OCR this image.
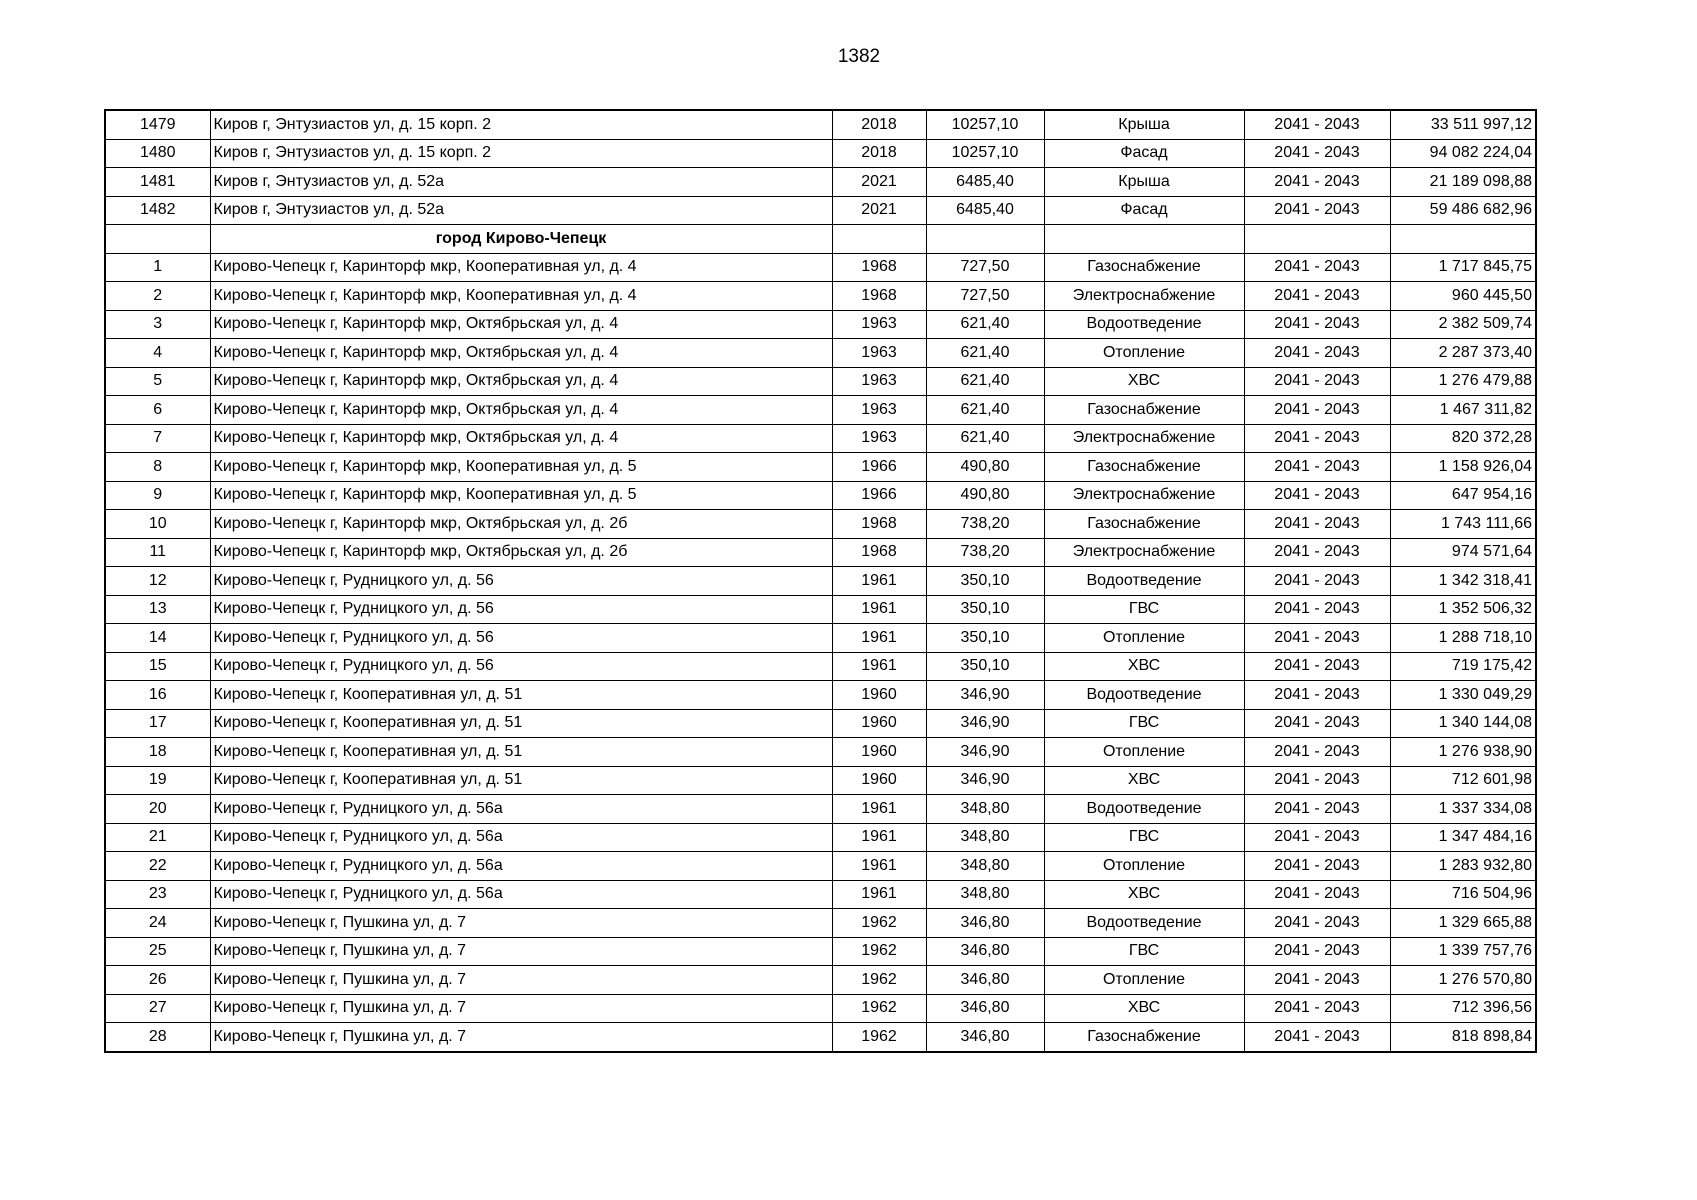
1382
1479	Киров г, Энтузиастов ул, д. 15 корп. 2	2018	10257,10	Крыша	2041 - 2043	33 511 997,12
1480	Киров г, Энтузиастов ул, д. 15 корп. 2	2018	10257,10	Фасад	2041 - 2043	94 082 224,04
1481	Киров г, Энтузиастов ул, д. 52а	2021	6485,40	Крыша	2041 - 2043	21 189 098,88
1482	Киров г, Энтузиастов ул, д. 52а	2021	6485,40	Фасад	2041 - 2043	59 486 682,96
	город Кирово-Чепецк					
1	Кирово-Чепецк г, Каринторф мкр, Кооперативная ул, д. 4	1968	727,50	Газоснабжение	2041 - 2043	1 717 845,75
2	Кирово-Чепецк г, Каринторф мкр, Кооперативная ул, д. 4	1968	727,50	Электроснабжение	2041 - 2043	960 445,50
3	Кирово-Чепецк г, Каринторф мкр, Октябрьская ул, д. 4	1963	621,40	Водоотведение	2041 - 2043	2 382 509,74
4	Кирово-Чепецк г, Каринторф мкр, Октябрьская ул, д. 4	1963	621,40	Отопление	2041 - 2043	2 287 373,40
5	Кирово-Чепецк г, Каринторф мкр, Октябрьская ул, д. 4	1963	621,40	ХВС	2041 - 2043	1 276 479,88
6	Кирово-Чепецк г, Каринторф мкр, Октябрьская ул, д. 4	1963	621,40	Газоснабжение	2041 - 2043	1 467 311,82
7	Кирово-Чепецк г, Каринторф мкр, Октябрьская ул, д. 4	1963	621,40	Электроснабжение	2041 - 2043	820 372,28
8	Кирово-Чепецк г, Каринторф мкр, Кооперативная ул, д. 5	1966	490,80	Газоснабжение	2041 - 2043	1 158 926,04
9	Кирово-Чепецк г, Каринторф мкр, Кооперативная ул, д. 5	1966	490,80	Электроснабжение	2041 - 2043	647 954,16
10	Кирово-Чепецк г, Каринторф мкр, Октябрьская ул, д. 2б	1968	738,20	Газоснабжение	2041 - 2043	1 743 111,66
11	Кирово-Чепецк г, Каринторф мкр, Октябрьская ул, д. 2б	1968	738,20	Электроснабжение	2041 - 2043	974 571,64
12	Кирово-Чепецк г, Рудницкого ул, д. 56	1961	350,10	Водоотведение	2041 - 2043	1 342 318,41
13	Кирово-Чепецк г, Рудницкого ул, д. 56	1961	350,10	ГВС	2041 - 2043	1 352 506,32
14	Кирово-Чепецк г, Рудницкого ул, д. 56	1961	350,10	Отопление	2041 - 2043	1 288 718,10
15	Кирово-Чепецк г, Рудницкого ул, д. 56	1961	350,10	ХВС	2041 - 2043	719 175,42
16	Кирово-Чепецк г, Кооперативная ул, д. 51	1960	346,90	Водоотведение	2041 - 2043	1 330 049,29
17	Кирово-Чепецк г, Кооперативная ул, д. 51	1960	346,90	ГВС	2041 - 2043	1 340 144,08
18	Кирово-Чепецк г, Кооперативная ул, д. 51	1960	346,90	Отопление	2041 - 2043	1 276 938,90
19	Кирово-Чепецк г, Кооперативная ул, д. 51	1960	346,90	ХВС	2041 - 2043	712 601,98
20	Кирово-Чепецк г, Рудницкого ул, д. 56а	1961	348,80	Водоотведение	2041 - 2043	1 337 334,08
21	Кирово-Чепецк г, Рудницкого ул, д. 56а	1961	348,80	ГВС	2041 - 2043	1 347 484,16
22	Кирово-Чепецк г, Рудницкого ул, д. 56а	1961	348,80	Отопление	2041 - 2043	1 283 932,80
23	Кирово-Чепецк г, Рудницкого ул, д. 56а	1961	348,80	ХВС	2041 - 2043	716 504,96
24	Кирово-Чепецк г, Пушкина ул, д. 7	1962	346,80	Водоотведение	2041 - 2043	1 329 665,88
25	Кирово-Чепецк г, Пушкина ул, д. 7	1962	346,80	ГВС	2041 - 2043	1 339 757,76
26	Кирово-Чепецк г, Пушкина ул, д. 7	1962	346,80	Отопление	2041 - 2043	1 276 570,80
27	Кирово-Чепецк г, Пушкина ул, д. 7	1962	346,80	ХВС	2041 - 2043	712 396,56
28	Кирово-Чепецк г, Пушкина ул, д. 7	1962	346,80	Газоснабжение	2041 - 2043	818 898,84
